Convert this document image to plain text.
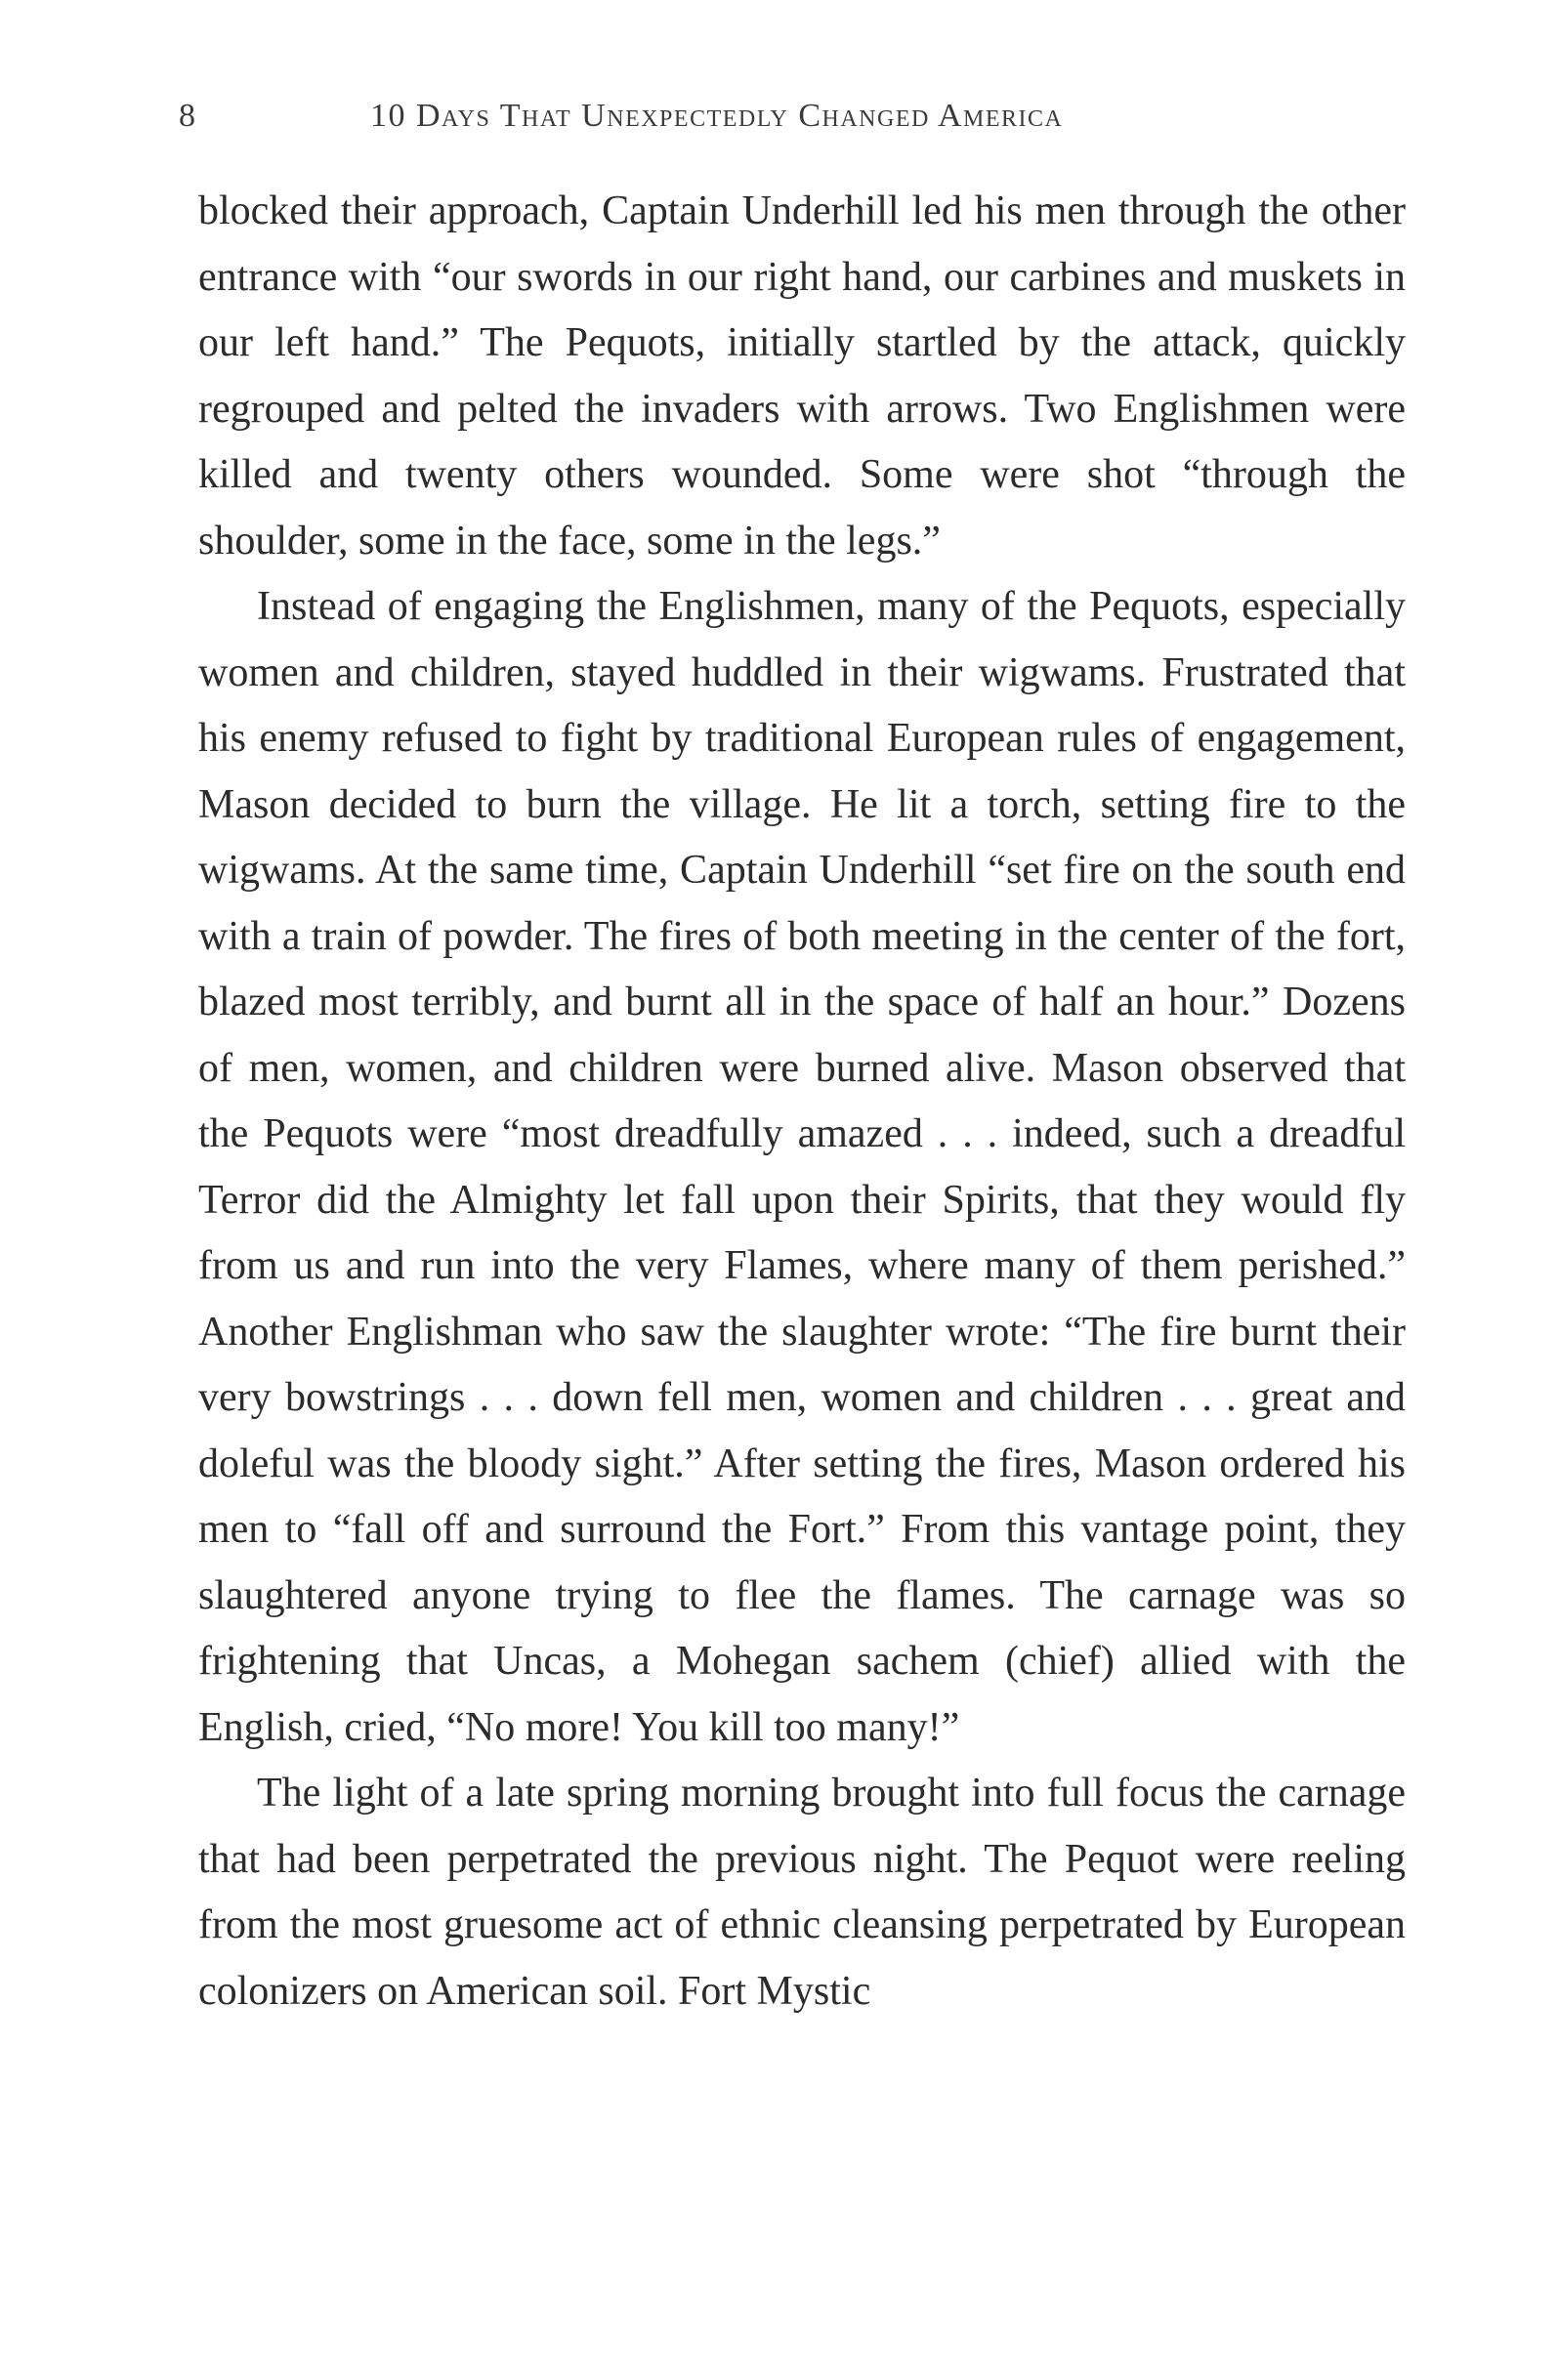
8	10 Days That Unexpectedly Changed America

blocked their approach, Captain Underhill led his men through the other entrance with “our swords in our right hand, our carbines and muskets in our left hand.” The Pequots, initially startled by the attack, quickly regrouped and pelted the invaders with arrows. Two Englishmen were killed and twenty others wounded. Some were shot “through the shoulder, some in the face, some in the legs.”

Instead of engaging the Englishmen, many of the Pequots, especially women and children, stayed huddled in their wigwams. Frustrated that his enemy refused to fight by traditional European rules of engagement, Mason decided to burn the village. He lit a torch, setting fire to the wigwams. At the same time, Captain Underhill “set fire on the south end with a train of powder. The fires of both meeting in the center of the fort, blazed most terribly, and burnt all in the space of half an hour.” Dozens of men, women, and children were burned alive. Mason observed that the Pequots were “most dreadfully amazed . . . indeed, such a dreadful Terror did the Almighty let fall upon their Spirits, that they would fly from us and run into the very Flames, where many of them perished.” Another Englishman who saw the slaughter wrote: “The fire burnt their very bowstrings . . . down fell men, women and children . . . great and doleful was the bloody sight.” After setting the fires, Mason ordered his men to “fall off and surround the Fort.” From this vantage point, they slaughtered anyone trying to flee the flames. The carnage was so frightening that Uncas, a Mohegan sachem (chief) allied with the English, cried, “No more! You kill too many!”

The light of a late spring morning brought into full focus the carnage that had been perpetrated the previous night. The Pequot were reeling from the most gruesome act of ethnic cleansing perpetrated by European colonizers on American soil. Fort Mystic
